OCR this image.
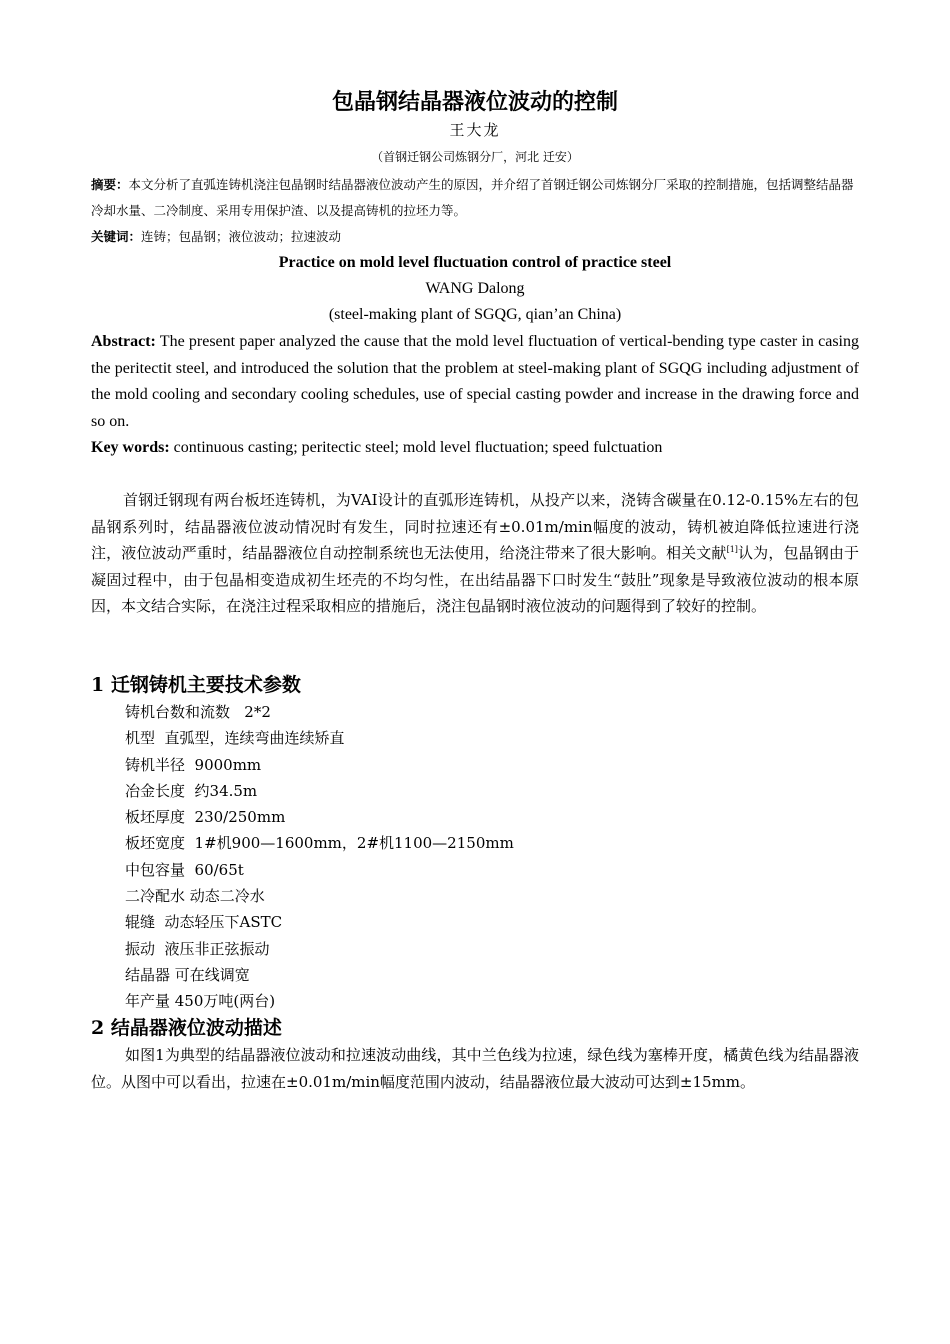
包晶钢结晶器液位波动的控制
王大龙
（首钢迁钢公司炼钢分厂，河北 迁安）
摘要：本文分析了直弧连铸机浇注包晶钢时结晶器液位波动产生的原因，并介绍了首钢迁钢公司炼钢分厂采取的控制措施，包括调整结晶器冷却水量、二冷制度、采用专用保护渣、以及提高铸机的拉坯力等。
关键词：连铸；包晶钢；液位波动；拉速波动
Practice on mold level fluctuation control of practice steel
WANG Dalong
(steel-making plant of SGQG, qian’an China)
Abstract: The present paper analyzed the cause that the mold level fluctuation of vertical-bending type caster in casing the peritectit steel, and introduced the solution that the problem at steel-making plant of SGQG including adjustment of the mold cooling and secondary cooling schedules, use of special casting powder and increase in the drawing force and so on.
Key words: continuous casting; peritectic steel; mold level fluctuation; speed fulctuation

首钢迁钢现有两台板坯连铸机，为VAI设计的直弧形连铸机，从投产以来，浇铸含碳量在0.12-0.15%左右的包晶钢系列时，结晶器液位波动情况时有发生，同时拉速还有±0.01m/min幅度的波动，铸机被迫降低拉速进行浇注，液位波动严重时，结晶器液位自动控制系统也无法使用，给浇注带来了很大影响。相关文献[1]认为，包晶钢由于凝固过程中，由于包晶相变造成初生坯壳的不均匀性，在出结晶器下口时发生“鼓肚”现象是导致液位波动的根本原因，本文结合实际，在浇注过程采取相应的措施后，浇注包晶钢时液位波动的问题得到了较好的控制。

1 迁钢铸机主要技术参数
铸机台数和流数   2*2
机型  直弧型，连续弯曲连续矫直
铸机半径  9000mm
冶金长度  约34.5m
板坯厚度  230/250mm
板坯宽度  1#机900—1600mm，2#机1100—2150mm
中包容量  60/65t
二冷配水 动态二冷水
辊缝  动态轻压下ASTC
振动  液压非正弦振动
结晶器 可在线调宽
年产量 450万吨(两台)
2 结晶器液位波动描述

如图1为典型的结晶器液位波动和拉速波动曲线，其中兰色线为拉速，绿色线为塞棒开度，橘黄色线为结晶器液位。从图中可以看出，拉速在±0.01m/min幅度范围内波动，结晶器液位最大波动可达到±15mm。
